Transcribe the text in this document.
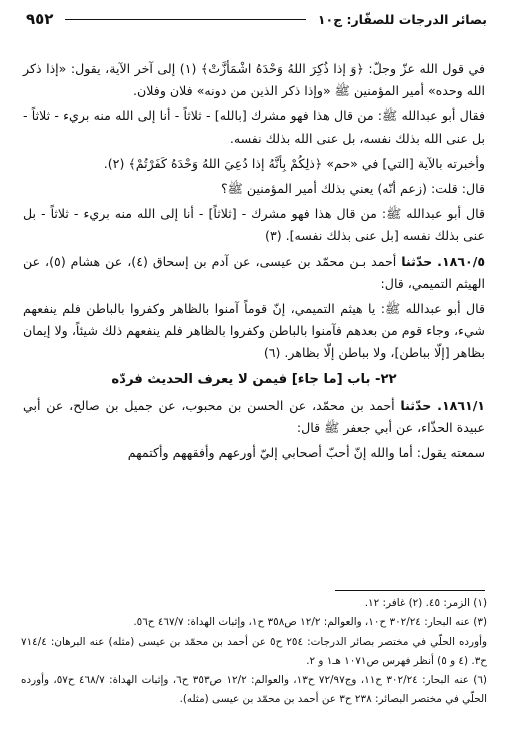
بصائر الدرجات للصفّار: ج١٠
٩٥٢

في قول الله عزّ وجلّ: ﴿وَ إذا ذُكِرَ اللهُ وَحْدَهُ اشْمَأزَّتْ﴾ (١) إلى آخر الآية، يقول: «إذا ذكر الله وحده» أمير المؤمنين ﷺ «وإذا ذكر الذين من دونه» فلان وفلان.

فقال أبو عبدالله ﷺ: من قال هذا فهو مشرك [بالله] - ثلاثاً - أنا إلى الله منه بريء - ثلاثاً - بل عنى الله بذلك نفسه، بل عنى الله بذلك نفسه.

وأخبرته بالآية [التي] في «حم» ﴿ذلِكُمْ بِأنَّهُ إذا دُعِيَ اللهُ وَحْدَهُ كَفَرْتُمْ﴾ (٢).

قال: قلت: (زعم أنّه) يعني بذلك أمير المؤمنين ﷺ؟

قال أبو عبدالله ﷺ: من قال هذا فهو مشرك - [ثلاثاً] - أنا إلى الله منه بريء - ثلاثاً - بل عنى بذلك نفسه [بل عنى بذلك نفسه]. (٣)

١٨٦٠/٥. حدّثنا أحمد بـن محمّد بن عيسى، عن آدم بن إسحاق (٤)، عن هشام (٥)، عن الهيثم التميمي، قال:

قال أبو عبدالله ﷺ: يا هيثم التميمي، إنّ قوماً آمنوا بالظاهر وكفروا بالباطن فلم ينفعهم شيء، وجاء قوم من بعدهم فآمنوا بالباطن وكفروا بالظاهر فلم ينفعهم ذلك شيئاً، ولا إيمان بظاهر [إلّا بباطن]، ولا بباطن إلّا بظاهر. (٦)

٢٢- باب [ما جاء] فيمن لا يعرف الحديث فردّه

١٨٦١/١. حدّثنا أحمد بن محمّد، عن الحسن بن محبوب، عن جميل بن صالح، عن أبي عبيدة الحذّاء، عن أبي جعفر ﷺ قال:

سمعته يقول: أما والله إنّ أحبّ أصحابي إليّ أورعهم وأفقههم وأكتمهم

(١) الزمر: ٤٥. (٢) غافر: ١٢.

(٣) عنه البحار: ٣٠٢/٢٤ ح١٠، والعوالم: ١٢/٢ ص٣٥٨ ح١، وإثبات الهداة: ٤٦٧/٧ ح٥٦.

وأورده الحلّي في مختصر بصائر الدرجات: ٢٥٤ ح٥ عن أحمد بن محمّد بن عيسى (مثله) عنه البرهان: ٧١٤/٤ ح٣. (٤ و ٥) أنظر فهرس ص١٠٧١ هـ١ و ٢.

(٦) عنه البحار: ٣٠٢/٢٤ ح١١، وج٧٢/٩٧ ح١٣، والعوالم: ١٢/٢ ص٣٥٣ ح٦، وإثبات الهداة: ٤٦٨/٧ ح٥٧، وأورده الحلّي في مختصر البصائر: ٢٣٨ ح٣ عن أحمد بن محمّد بن عيسى (مثله).
